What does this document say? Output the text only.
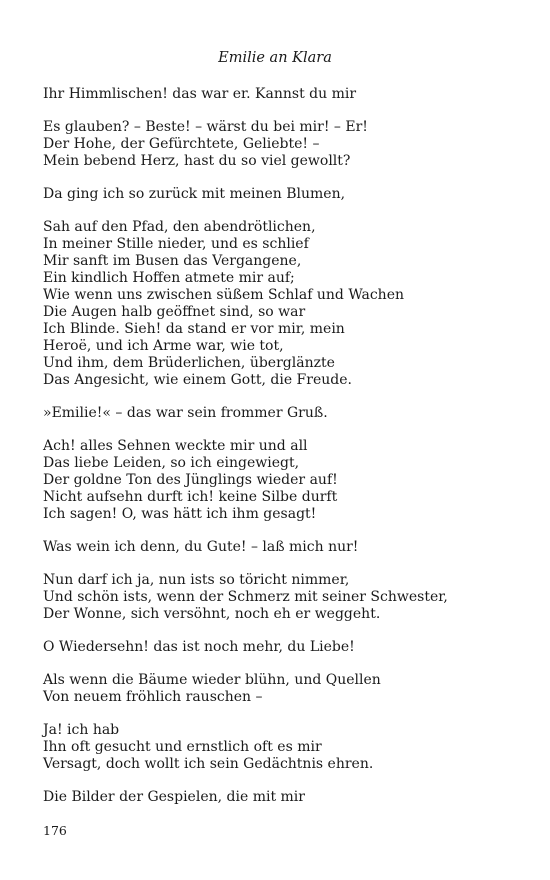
Emilie an Klara
Ihr Himmlischen! das war er. Kannst du mir
Es glauben? – Beste! – wärst du bei mir! – Er!
Der Hohe, der Gefürchtete, Geliebte! –
Mein bebend Herz, hast du so viel gewollt?
Da ging ich so zurück mit meinen Blumen,
Sah auf den Pfad, den abendrötlichen,
In meiner Stille nieder, und es schlief
Mir sanft im Busen das Vergangene,
Ein kindlich Hoffen atmete mir auf;
Wie wenn uns zwischen süßem Schlaf und Wachen
Die Augen halb geöffnet sind, so war
Ich Blinde. Sieh! da stand er vor mir, mein
Heroë, und ich Arme war, wie tot,
Und ihm, dem Brüderlichen, überglänzte
Das Angesicht, wie einem Gott, die Freude.
»Emilie!« – das war sein frommer Gruß.
Ach! alles Sehnen weckte mir und all
Das liebe Leiden, so ich eingewiegt,
Der goldne Ton des Jünglings wieder auf!
Nicht aufsehn durft ich! keine Silbe durft
Ich sagen! O, was hätt ich ihm gesagt!
Was wein ich denn, du Gute! – laß mich nur!
Nun darf ich ja, nun ists so töricht nimmer,
Und schön ists, wenn der Schmerz mit seiner Schwester,
Der Wonne, sich versöhnt, noch eh er weggeht.
O Wiedersehn! das ist noch mehr, du Liebe!
Als wenn die Bäume wieder blühn, und Quellen
Von neuem fröhlich rauschen –
Ja! ich hab
Ihn oft gesucht und ernstlich oft es mir
Versagt, doch wollt ich sein Gedächtnis ehren.
Die Bilder der Gespielen, die mit mir
176
